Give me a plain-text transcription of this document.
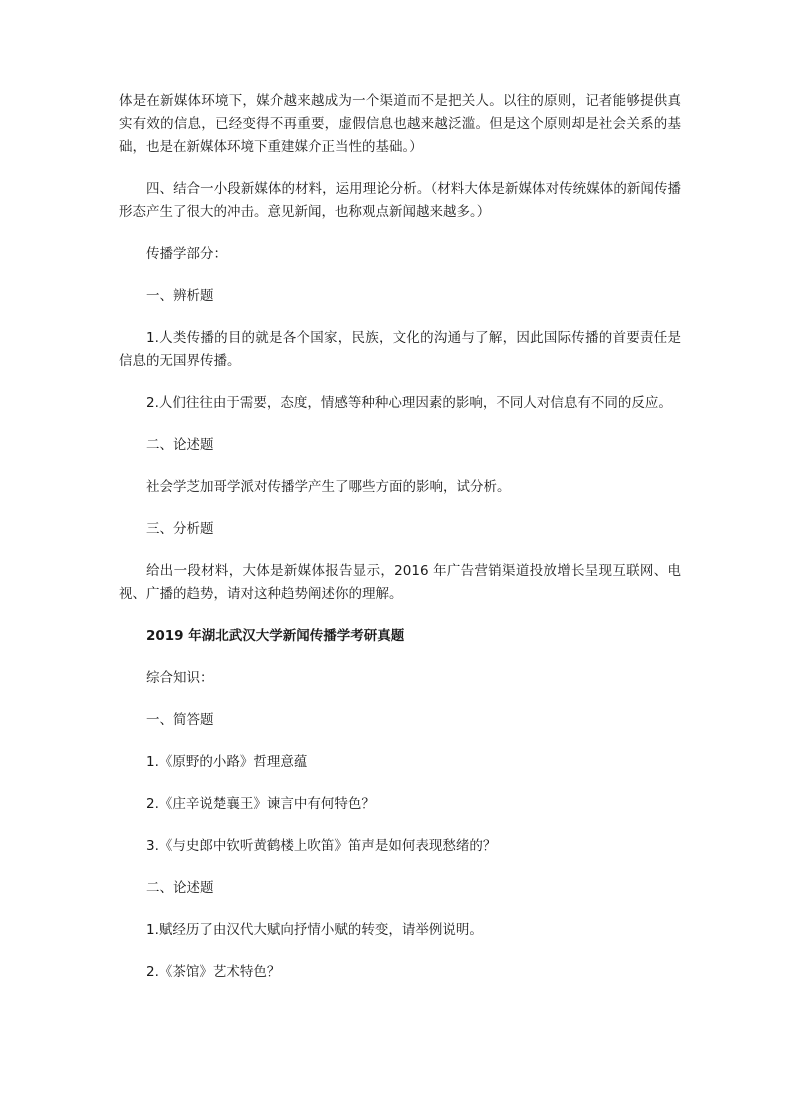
体是在新媒体环境下，媒介越来越成为一个渠道而不是把关人。以往的原则，记者能够提供真实有效的信息，已经变得不再重要，虚假信息也越来越泛滥。但是这个原则却是社会关系的基础，也是在新媒体环境下重建媒介正当性的基础。）

四、结合一小段新媒体的材料，运用理论分析。（材料大体是新媒体对传统媒体的新闻传播形态产生了很大的冲击。意见新闻，也称观点新闻越来越多。）

传播学部分：

一、辨析题

1.人类传播的目的就是各个国家，民族，文化的沟通与了解，因此国际传播的首要责任是信息的无国界传播。

2.人们往往由于需要，态度，情感等种种心理因素的影响，不同人对信息有不同的反应。

二、论述题

社会学芝加哥学派对传播学产生了哪些方面的影响，试分析。

三、分析题

给出一段材料，大体是新媒体报告显示，2016 年广告营销渠道投放增长呈现互联网、电视、广播的趋势，请对这种趋势阐述你的理解。

2019 年湖北武汉大学新闻传播学考研真题

综合知识：

一、简答题

1.《原野的小路》哲理意蕴

2.《庄辛说楚襄王》谏言中有何特色？

3.《与史郎中钦听黄鹤楼上吹笛》笛声是如何表现愁绪的？

二、论述题

1.赋经历了由汉代大赋向抒情小赋的转变，请举例说明。

2.《茶馆》艺术特色？
